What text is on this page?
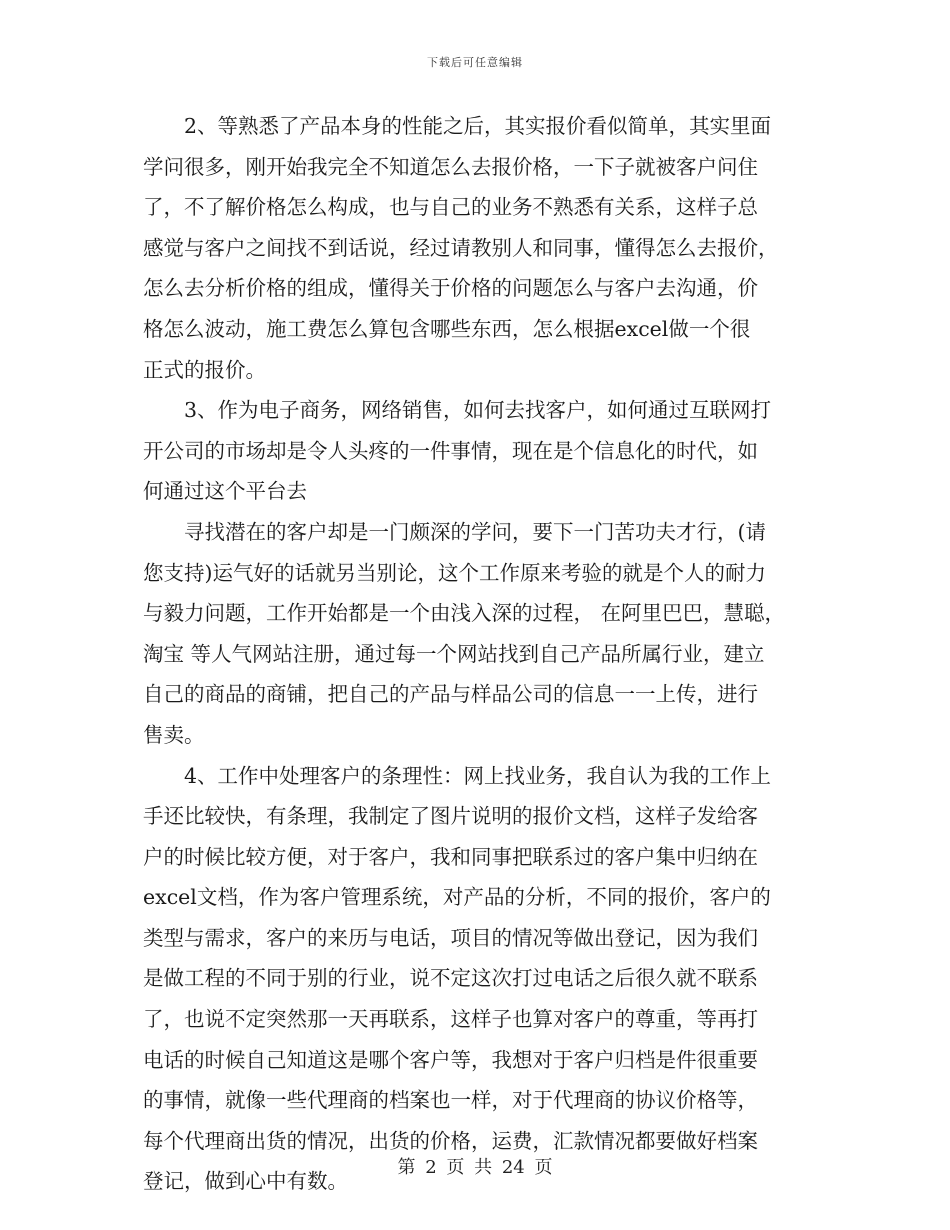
下载后可任意编辑
　　2、等熟悉了产品本身的性能之后，其实报价看似简单，其实里面
学问很多，刚开始我完全不知道怎么去报价格，一下子就被客户问住
了，不了解价格怎么构成，也与自己的业务不熟悉有关系，这样子总
感觉与客户之间找不到话说，经过请教别人和同事，懂得怎么去报价，
怎么去分析价格的组成，懂得关于价格的问题怎么与客户去沟通，价
格怎么波动，施工费怎么算包含哪些东西，怎么根据excel做一个很
正式的报价。
　　3、作为电子商务，网络销售，如何去找客户，如何通过互联网打
开公司的市场却是令人头疼的一件事情，现在是个信息化的时代，如
何通过这个平台去
　　寻找潜在的客户却是一门颇深的学问，要下一门苦功夫才行，(请
您支持)运气好的话就另当别论，这个工作原来考验的就是个人的耐力
与毅力问题，工作开始都是一个由浅入深的过程， 在阿里巴巴，慧聪，
淘宝 等人气网站注册，通过每一个网站找到自己产品所属行业，建立
自己的商品的商铺，把自己的产品与样品公司的信息一一上传，进行
售卖。
　　4、工作中处理客户的条理性：网上找业务，我自认为我的工作上
手还比较快，有条理，我制定了图片说明的报价文档，这样子发给客
户的时候比较方便，对于客户，我和同事把联系过的客户集中归纳在
excel文档，作为客户管理系统，对产品的分析，不同的报价，客户的
类型与需求，客户的来历与电话，项目的情况等做出登记，因为我们
是做工程的不同于别的行业，说不定这次打过电话之后很久就不联系
了，也说不定突然那一天再联系，这样子也算对客户的尊重，等再打
电话的时候自己知道这是哪个客户等，我想对于客户归档是件很重要
的事情，就像一些代理商的档案也一样，对于代理商的协议价格等，
每个代理商出货的情况，出货的价格，运费，汇款情况都要做好档案
登记，做到心中有数。
第 2 页 共 24 页
